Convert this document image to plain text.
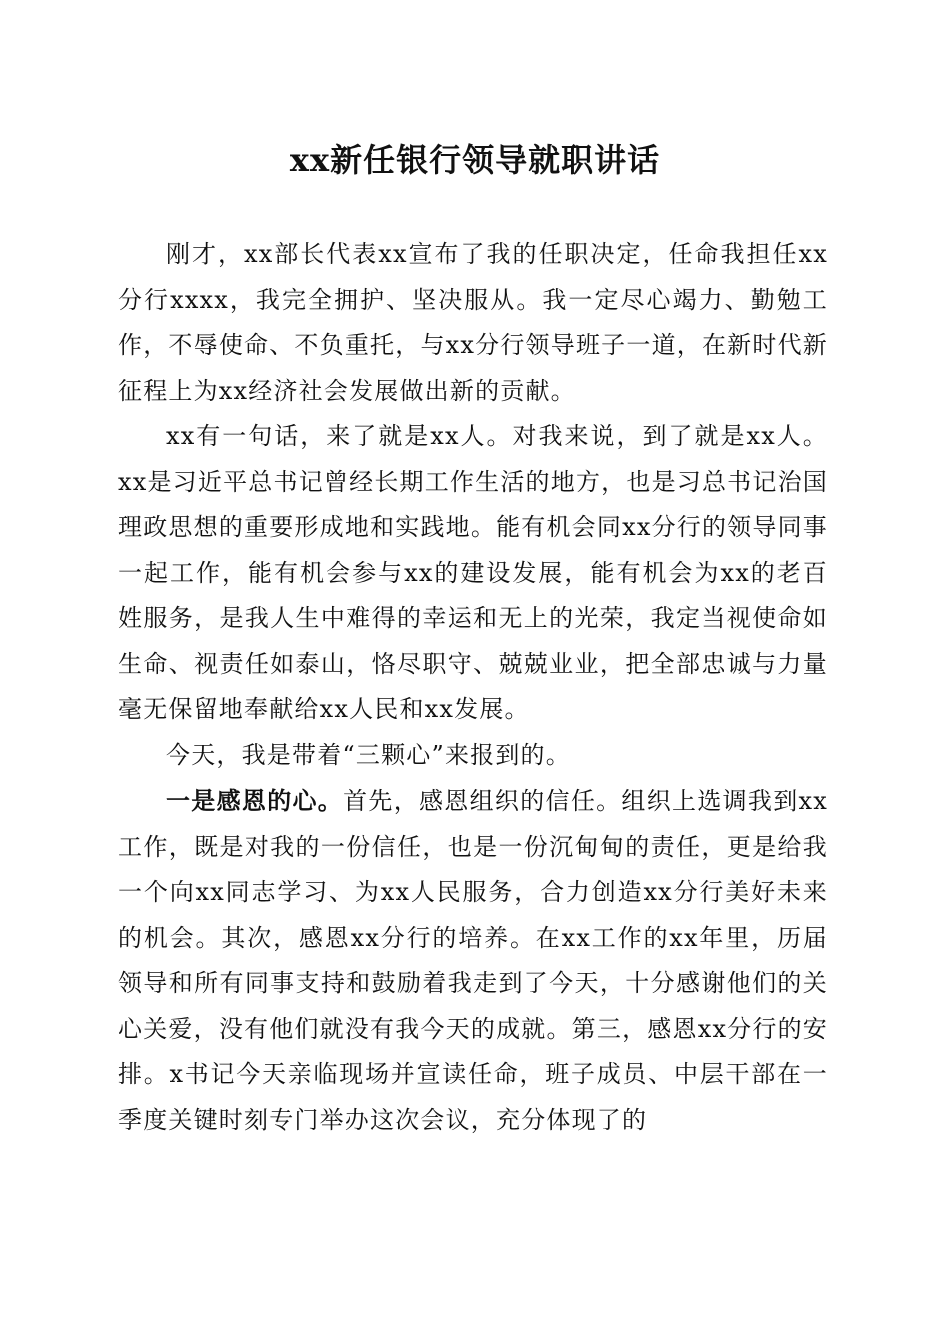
xx新任银行领导就职讲话

刚才，xx部长代表xx宣布了我的任职决定，任命我担任xx分行xxxx，我完全拥护、坚决服从。我一定尽心竭力、勤勉工作，不辱使命、不负重托，与xx分行领导班子一道，在新时代新征程上为xx经济社会发展做出新的贡献。

xx有一句话，来了就是xx人。对我来说，到了就是xx人。xx是习近平总书记曾经长期工作生活的地方，也是习总书记治国理政思想的重要形成地和实践地。能有机会同xx分行的领导同事一起工作，能有机会参与xx的建设发展，能有机会为xx的老百姓服务，是我人生中难得的幸运和无上的光荣，我定当视使命如生命、视责任如泰山，恪尽职守、兢兢业业，把全部忠诚与力量毫无保留地奉献给xx人民和xx发展。

今天，我是带着“三颗心”来报到的。

一是感恩的心。首先，感恩组织的信任。组织上选调我到xx工作，既是对我的一份信任，也是一份沉甸甸的责任，更是给我一个向xx同志学习、为xx人民服务，合力创造xx分行美好未来的机会。其次，感恩xx分行的培养。在xx工作的xx年里，历届领导和所有同事支持和鼓励着我走到了今天，十分感谢他们的关心关爱，没有他们就没有我今天的成就。第三，感恩xx分行的安排。x书记今天亲临现场并宣读任命，班子成员、中层干部在一季度关键时刻专门举办这次会议，充分体现了的
